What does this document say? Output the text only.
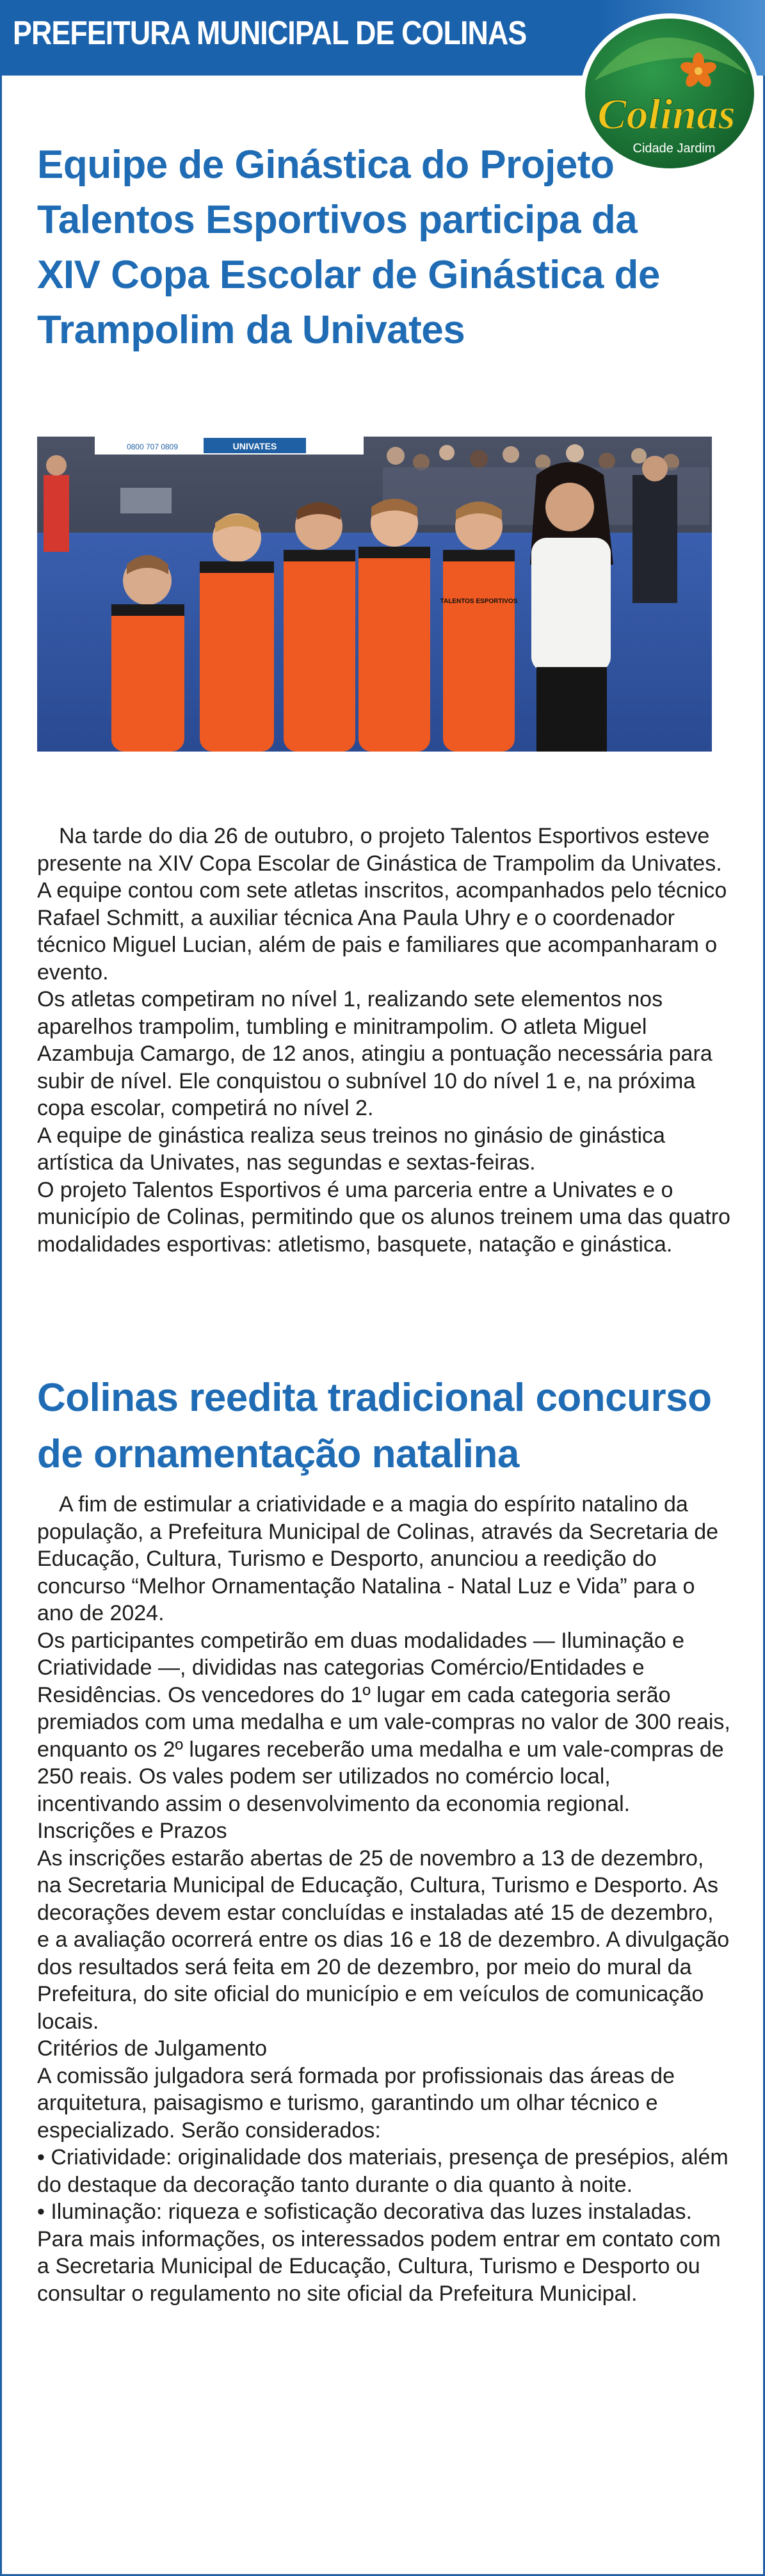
PREFEITURA MUNICIPAL DE COLINAS
Colinas
Cidade Jardim
Equipe de Ginástica do Projeto Talentos Esportivos participa da XIV Copa Escolar de Ginástica de Trampolim da Univates
0800 707 0809	UNIVATES
TALENTOS ESPORTIVOS

Na tarde do dia 26 de outubro, o projeto Talentos Esportivos esteve presente na XIV Copa Escolar de Ginástica de Trampolim da Univates. A equipe contou com sete atletas inscritos, acompanhados pelo técnico Rafael Schmitt, a auxiliar técnica Ana Paula Uhry e o coordenador técnico Miguel Lucian, além de pais e familiares que acompanharam o evento.

Os atletas competiram no nível 1, realizando sete elementos nos aparelhos trampolim, tumbling e minitrampolim. O atleta Miguel Azambuja Camargo, de 12 anos, atingiu a pontuação necessária para subir de nível. Ele conquistou o subnível 10 do nível 1 e, na próxima copa escolar, competirá no nível 2.

A equipe de ginástica realiza seus treinos no ginásio de ginástica artística da Univates, nas segundas e sextas-feiras.

O projeto Talentos Esportivos é uma parceria entre a Univates e o município de Colinas, permitindo que os alunos treinem uma das quatro modalidades esportivas: atletismo, basquete, natação e ginástica.

Colinas reedita tradicional concurso de ornamentação natalina

A fim de estimular a criatividade e a magia do espírito natalino da população, a Prefeitura Municipal de Colinas, através da Secretaria de Educação, Cultura, Turismo e Desporto, anunciou a reedição do concurso “Melhor Ornamentação Natalina - Natal Luz e Vida” para o ano de 2024.

Os participantes competirão em duas modalidades — Iluminação e Criatividade —, divididas nas categorias Comércio/Entidades e Residências. Os vencedores do 1º lugar em cada categoria serão premiados com uma medalha e um vale-compras no valor de 300 reais, enquanto os 2º lugares receberão uma medalha e um vale-compras de 250 reais. Os vales podem ser utilizados no comércio local, incentivando assim o desenvolvimento da economia regional.

Inscrições e Prazos

As inscrições estarão abertas de 25 de novembro a 13 de dezembro, na Secretaria Municipal de Educação, Cultura, Turismo e Desporto. As decorações devem estar concluídas e instaladas até 15 de dezembro, e a avaliação ocorrerá entre os dias 16 e 18 de dezembro. A divulgação dos resultados será feita em 20 de dezembro, por meio do mural da Prefeitura, do site oficial do município e em veículos de comunicação locais.

Critérios de Julgamento

A comissão julgadora será formada por profissionais das áreas de arquitetura, paisagismo e turismo, garantindo um olhar técnico e especializado. Serão considerados:

• Criatividade: originalidade dos materiais, presença de presépios, além do destaque da decoração tanto durante o dia quanto à noite.

• Iluminação: riqueza e sofisticação decorativa das luzes instaladas.

Para mais informações, os interessados podem entrar em contato com a Secretaria Municipal de Educação, Cultura, Turismo e Desporto ou consultar o regulamento no site oficial da Prefeitura Municipal.
